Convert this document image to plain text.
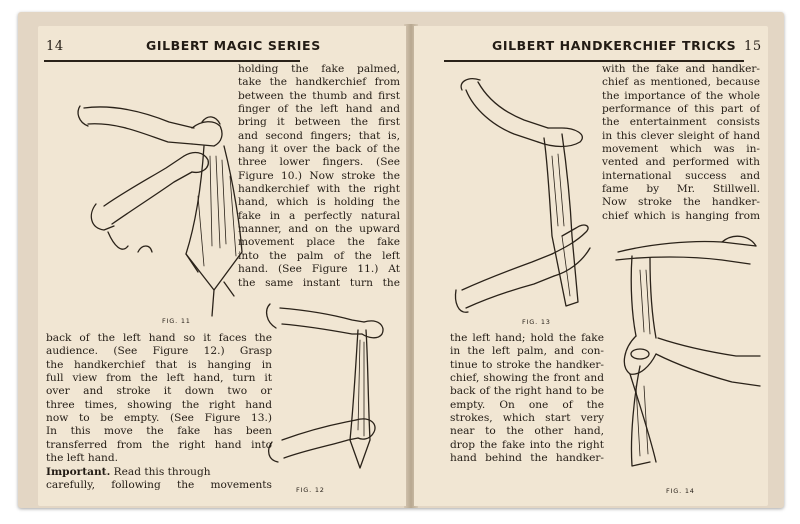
14	GILBERT MAGIC SERIES
holding the fake palmed,
take the handkerchief from
between the thumb and first
finger of the left hand and
bring it between the first
and second fingers; that is,
hang it over the back of the
three lower fingers. (See
Figure 10.) Now stroke the
handkerchief with the right
hand, which is holding the
fake in a perfectly natural
manner, and on the upward
movement place the fake
into the palm of the left
hand. (See Figure 11.) At
the same instant turn the
FIG. 11
FIG. 12
back of the left hand so it faces the
audience. (See Figure 12.) Grasp
the handkerchief that is hanging in
full view from the left hand, turn it
over and stroke it down two or
three times, showing the right hand
now to be empty. (See Figure 13.)
In this move the fake has been
transferred from the right hand into
the left hand.
Important. Read this through
carefully, following the movements
GILBERT HANDKERCHIEF TRICKS 15
with the fake and handker-
chief as mentioned, because
the importance of the whole
performance of this part of
the entertainment consists
in this clever sleight of hand
movement which was in-
vented and performed with
international success and
fame by Mr. Stillwell.
Now stroke the handker-
chief which is hanging from
FIG. 13
FIG. 14
the left hand; hold the fake
in the left palm, and con-
tinue to stroke the handker-
chief, showing the front and
back of the right hand to be
empty. On one of the
strokes, which start very
near to the other hand,
drop the fake into the right
hand behind the handker-
